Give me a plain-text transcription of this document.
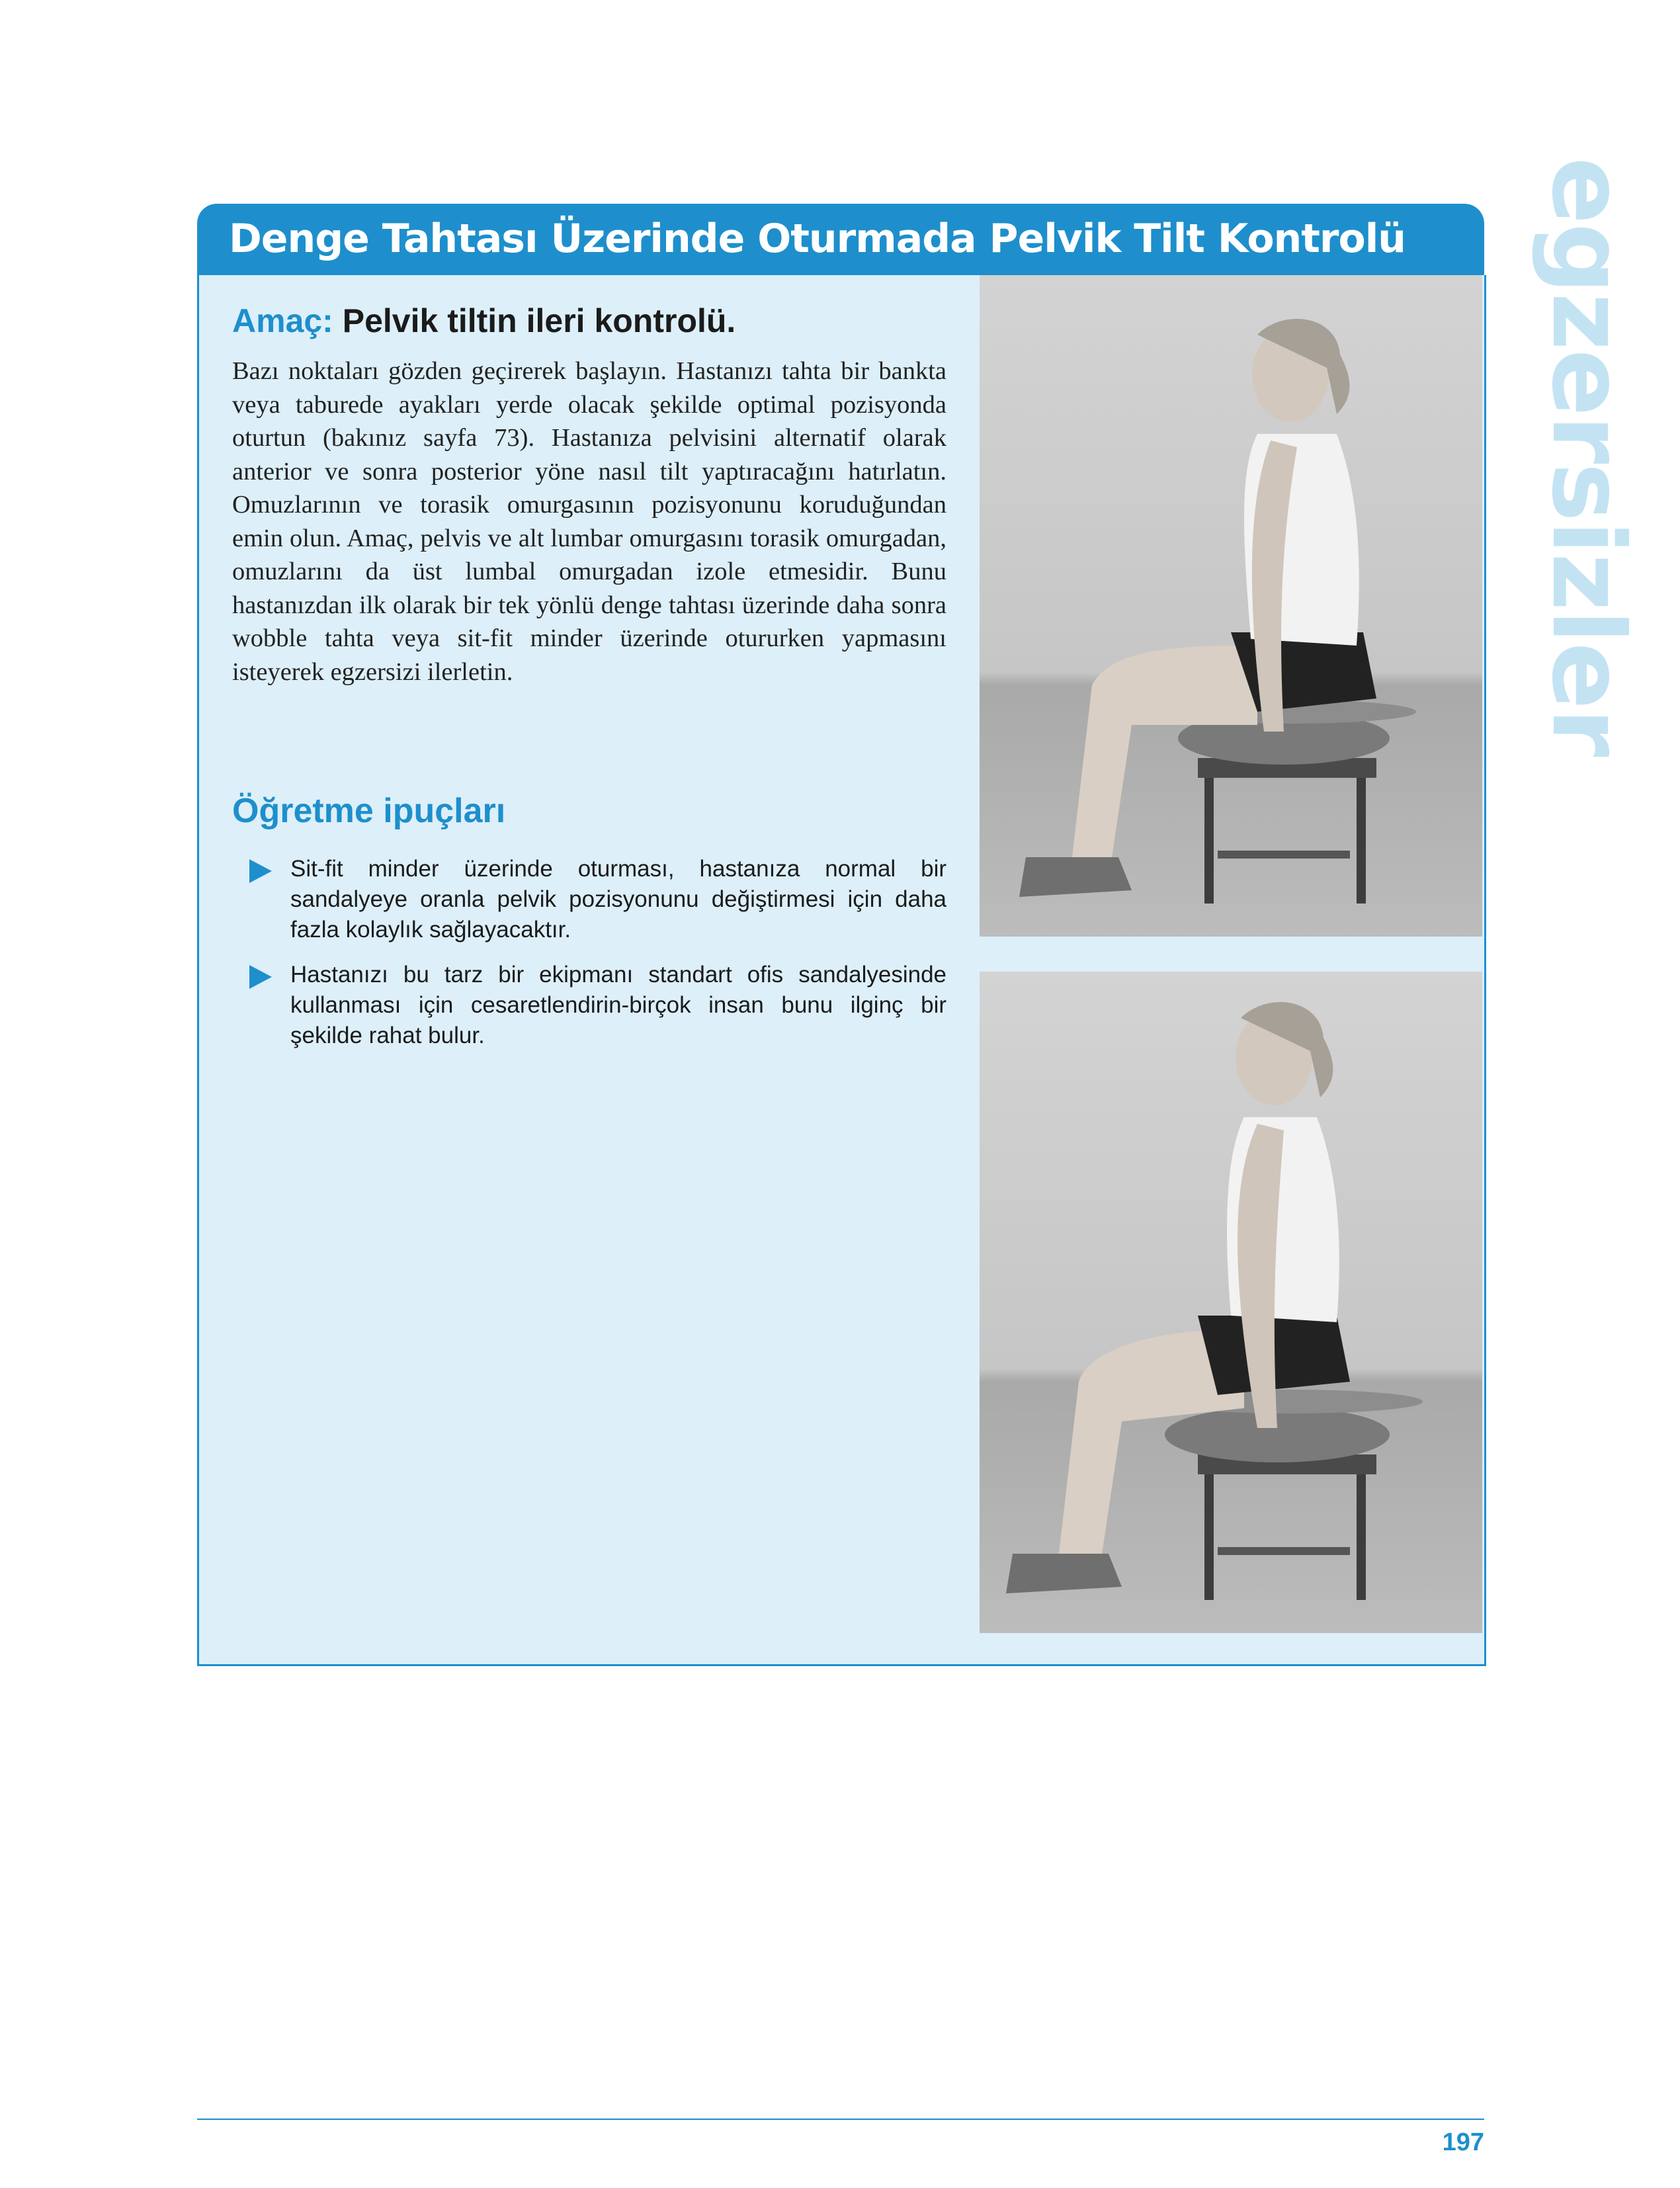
egzersizler
Denge Tahtası Üzerinde Oturmada Pelvik Tilt Kontrolü
Amaç: Pelvik tiltin ileri kontrolü.

Bazı noktaları gözden geçirerek başlayın. Hastanızı tahta bir bankta veya taburede ayakları yerde olacak şekilde optimal pozisyonda oturtun (bakınız sayfa 73). Hastanıza pelvisini alternatif olarak anterior ve sonra posterior yöne nasıl tilt yaptıracağını hatırlatın. Omuzlarının ve torasik omurgasının pozisyonunu koruduğundan emin olun. Amaç, pelvis ve alt lumbar omurgasını torasik omurgadan, omuzlarını da üst lumbal omurgadan izole etmesidir. Bunu hastanızdan ilk olarak bir tek yönlü denge tahtası üzerinde daha sonra wobble tahta veya sit-fit minder üzerinde otururken yapmasını isteyerek egzersizi ilerletin.

Öğretme ipuçları

Sit-fit minder üzerinde oturması, hastanıza normal bir sandalyeye oranla pelvik pozisyonunu değiştirmesi için daha fazla kolaylık sağlayacaktır.

Hastanızı bu tarz bir ekipmanı standart ofis sandalyesinde kullanması için cesaretlendirin-birçok insan bunu ilginç bir şekilde rahat bulur.

197
